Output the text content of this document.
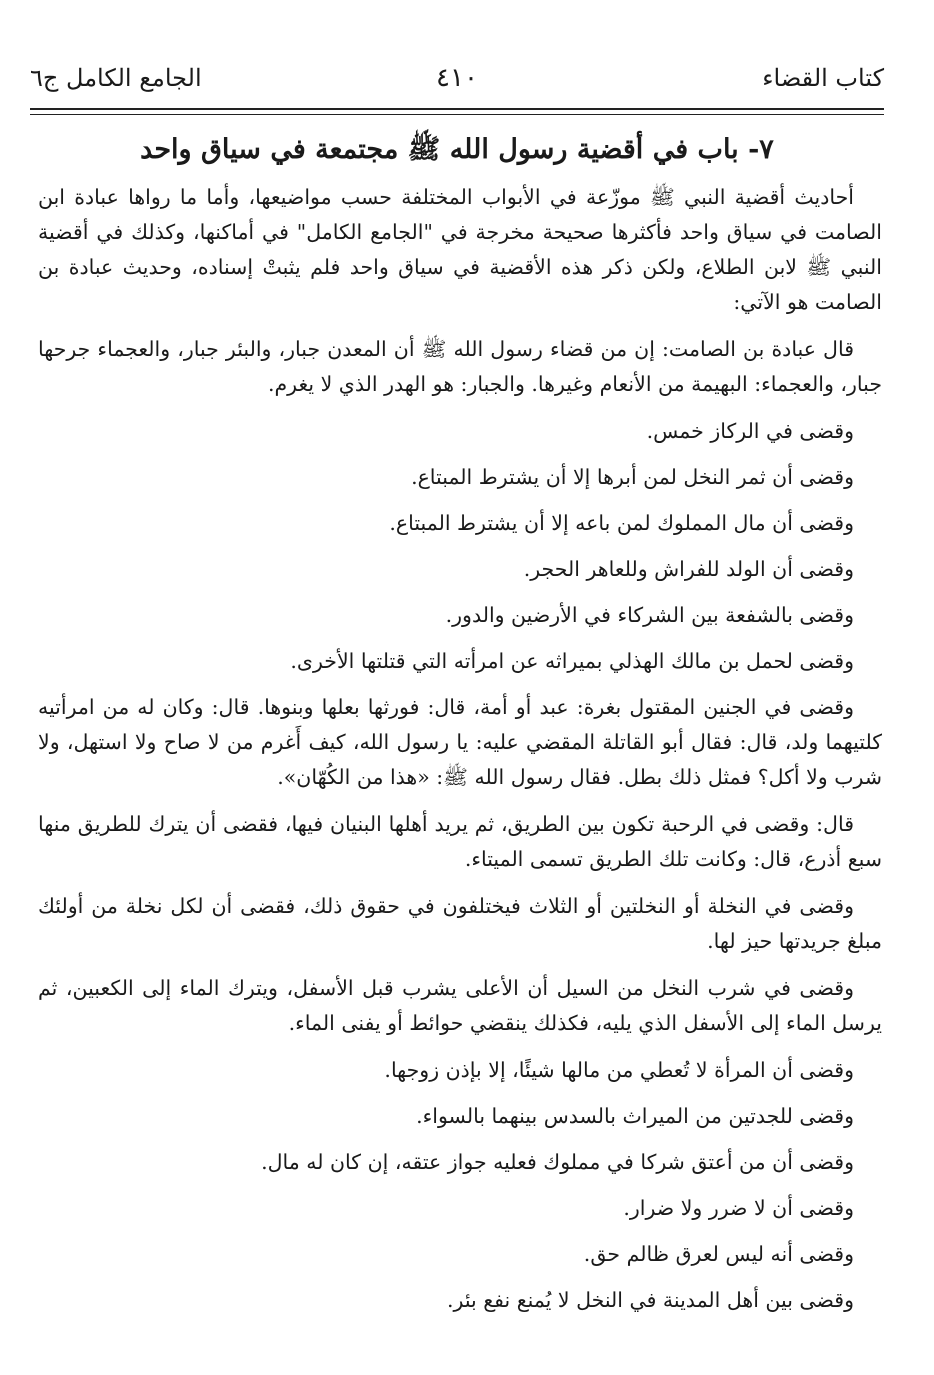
كتاب القضاء
٤١٠
الجامع الكامل ج٦
٧- باب في أقضية رسول الله ﷺ مجتمعة في سياق واحد

أحاديث أقضية النبي ﷺ موزّعة في الأبواب المختلفة حسب مواضيعها، وأما ما رواها عبادة ابن الصامت في سياق واحد فأكثرها صحيحة مخرجة في "الجامع الكامل" في أماكنها، وكذلك في أقضية النبي ﷺ لابن الطلاع، ولكن ذكر هذه الأقضية في سياق واحد فلم يثبتْ إسناده، وحديث عبادة بن الصامت هو الآتي:

قال عبادة بن الصامت: إن من قضاء رسول الله ﷺ أن المعدن جبار، والبئر جبار، والعجماء جرحها جبار، والعجماء: البهيمة من الأنعام وغيرها. والجبار: هو الهدر الذي لا يغرم.

وقضى في الركاز خمس.

وقضى أن ثمر النخل لمن أبرها إلا أن يشترط المبتاع.

وقضى أن مال المملوك لمن باعه إلا أن يشترط المبتاع.

وقضى أن الولد للفراش وللعاهر الحجر.

وقضى بالشفعة بين الشركاء في الأرضين والدور.

وقضى لحمل بن مالك الهذلي بميراثه عن امرأته التي قتلتها الأخرى.

وقضى في الجنين المقتول بغرة: عبد أو أمة، قال: فورثها بعلها وبنوها. قال: وكان له من امرأتيه كلتيهما ولد، قال: فقال أبو القاتلة المقضي عليه: يا رسول الله، كيف أَغرم من لا صاح ولا استهل، ولا شرب ولا أكل؟ فمثل ذلك بطل. فقال رسول الله ﷺ: «هذا من الكُهّان».

قال: وقضى في الرحبة تكون بين الطريق، ثم يريد أهلها البنيان فيها، فقضى أن يترك للطريق منها سبع أذرع، قال: وكانت تلك الطريق تسمى الميتاء.

وقضى في النخلة أو النخلتين أو الثلاث فيختلفون في حقوق ذلك، فقضى أن لكل نخلة من أولئك مبلغ جريدتها حيز لها.

وقضى في شرب النخل من السيل أن الأعلى يشرب قبل الأسفل، ويترك الماء إلى الكعبين، ثم يرسل الماء إلى الأسفل الذي يليه، فكذلك ينقضي حوائط أو يفنى الماء.

وقضى أن المرأة لا تُعطي من مالها شيئًا، إلا بإذن زوجها.

وقضى للجدتين من الميراث بالسدس بينهما بالسواء.

وقضى أن من أعتق شركا في مملوك فعليه جواز عتقه، إن كان له مال.

وقضى أن لا ضرر ولا ضرار.

وقضى أنه ليس لعرق ظالم حق.

وقضى بين أهل المدينة في النخل لا يُمنع نفع بئر.
